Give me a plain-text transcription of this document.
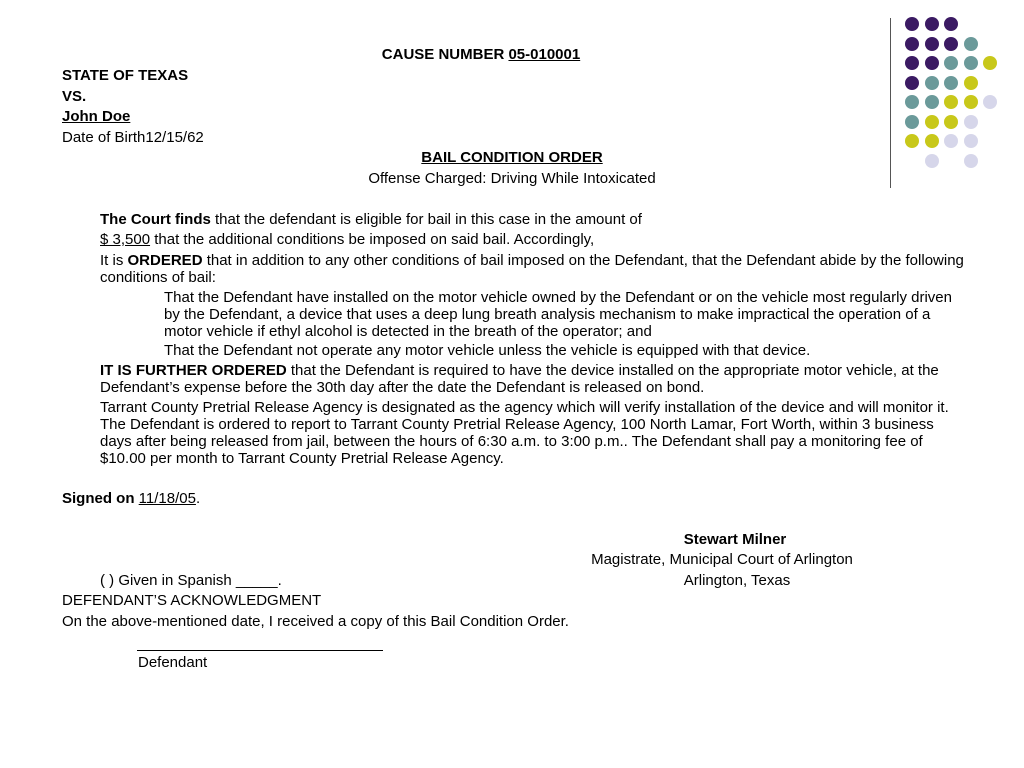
CAUSE NUMBER 05-010001
STATE OF TEXAS
VS.
John Doe
Date of Birth12/15/62
BAIL CONDITION ORDER
Offense Charged: Driving While Intoxicated
The Court finds that the defendant is eligible for bail in this case in the amount of
$ 3,500 that the additional conditions be imposed on said bail. Accordingly,
It is ORDERED that in addition to any other conditions of bail imposed on the Defendant, that the Defendant abide by the following conditions of bail:
That the Defendant have installed on the motor vehicle owned by the Defendant or on the vehicle most regularly driven by the Defendant, a device that uses a deep lung breath analysis mechanism to make impractical the operation of a motor vehicle if ethyl alcohol is detected in the breath of the operator; and
That the Defendant not operate any motor vehicle unless the vehicle is equipped with that device.
IT IS FURTHER ORDERED that the Defendant is required to have the device installed on the appropriate motor vehicle, at the Defendant’s expense before the 30th day after the date the Defendant is released on bond.
Tarrant County Pretrial Release Agency is designated as the agency which will verify installation of the device and will monitor it. The Defendant is ordered to report to Tarrant County Pretrial Release Agency, 100 North Lamar, Fort Worth, within 3 business days after being released from jail, between the hours of 6:30 a.m. to 3:00 p.m.. The Defendant shall pay a monitoring fee of $10.00 per month to Tarrant County Pretrial Release Agency.
Signed on 11/18/05.
Stewart Milner
Magistrate, Municipal Court of Arlington
Arlington, Texas
( ) Given in Spanish _____.
DEFENDANT’S ACKNOWLEDGMENT
On the above-mentioned date, I received a copy of this Bail Condition Order.
Defendant
